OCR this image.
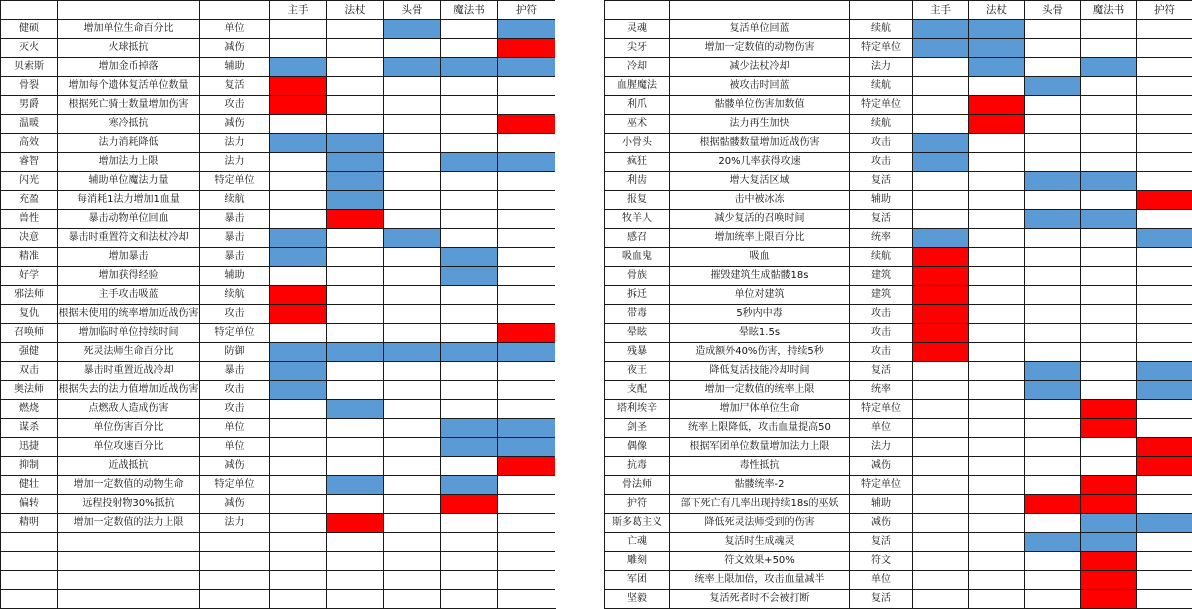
			主手	法杖	头骨	魔法书	护符
健硕	增加单位生命百分比	单位					
灭火	火球抵抗	减伤					
贝索斯	增加金币掉落	辅助					
骨裂	增加每个遗体复活单位数量	复活					
男爵	根据死亡骑士数量增加伤害	攻击					
温暖	寒冷抵抗	减伤					
高效	法力消耗降低	法力					
睿智	增加法力上限	法力					
闪光	辅助单位魔法力量	特定单位					
充盈	每消耗1法力增加1血量	续航					
兽性	暴击动物单位回血	暴击					
决意	暴击时重置符文和法杖冷却	暴击					
精准	增加暴击	暴击					
好学	增加获得经验	辅助					
邪法师	主手攻击吸蓝	续航					
复仇	根据未使用的统率增加近战伤害	攻击					
召唤师	增加临时单位持续时间	特定单位					
强健	死灵法师生命百分比	防御					
双击	暴击时重置近战冷却	暴击					
奥法师	根据失去的法力值增加近战伤害	攻击					
燃烧	点燃敌人造成伤害	攻击					
谋杀	单位伤害百分比	单位					
迅捷	单位攻速百分比	单位					
抑制	近战抵抗	减伤					
健壮	增加一定数值的动物生命	特定单位					
偏转	远程投射物30%抵抗	减伤					
精明	增加一定数值的法力上限	法力					

			主手	法杖	头骨	魔法书	护符
灵魂	复活单位回蓝	续航					
尖牙	增加一定数值的动物伤害	特定单位					
冷却	减少法杖冷却	法力					
血腥魔法	被攻击时回蓝	续航					
利爪	骷髅单位伤害加数值	特定单位					
巫术	法力再生加快	续航					
小骨头	根据骷髅数量增加近战伤害	攻击					
疯狂	20%几率获得攻速	攻击					
利齿	增大复活区域	复活					
报复	击中被冰冻	辅助					
牧羊人	减少复活的召唤时间	复活					
感召	增加统率上限百分比	统率					
吸血鬼	吸血	续航					
骨族	摧毁建筑生成骷髅18s	建筑					
拆迁	单位对建筑	建筑					
带毒	5秒内中毒	攻击					
晕眩	晕眩1.5s	攻击					
残暴	造成额外40%伤害，持续5秒	攻击					
夜王	降低复活技能冷却时间	复活					
支配	增加一定数值的统率上限	统率					
塔利埃辛	增加尸体单位生命	特定单位					
剑圣	统率上限降低，攻击血量提高50	单位					
偶像	根据军团单位数量增加法力上限	法力					
抗毒	毒性抵抗	减伤					
骨法师	骷髅统率-2	特定单位					
护符	部下死亡有几率出现持续18s的巫妖	辅助					
斯多葛主义	降低死灵法师受到的伤害	减伤					
亡魂	复活时生成魂灵	复活					
雕刻	符文效果+50%	符文					
军团	统率上限加倍，攻击血量减半	单位					
坚毅	复活死者时不会被打断	复活					
